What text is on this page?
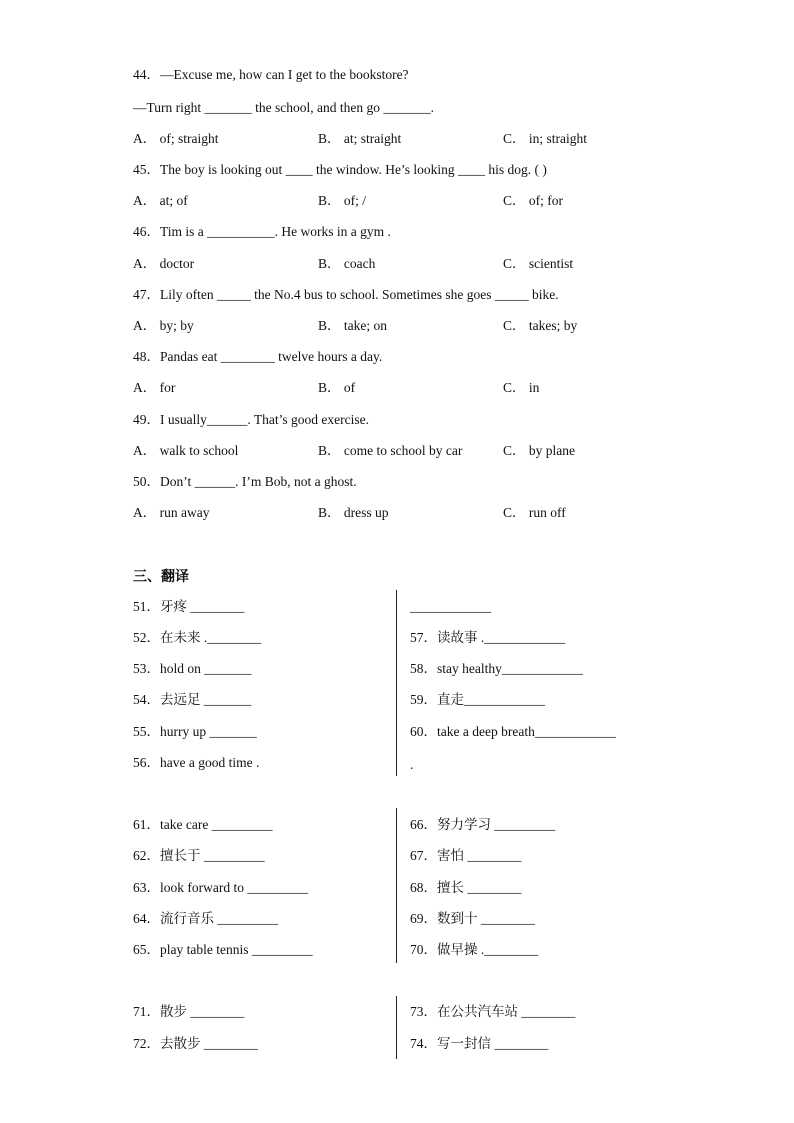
44．—Excuse me, how can I get to the bookstore?
—Turn right _______ the school, and then go _______.
A． of; straight	B． at; straight	C． in; straight
45．The boy is looking out ____ the window. He’s looking ____ his dog. ( )
A． at; of	B． of; /	C． of; for
46．Tim is a __________. He works in a gym .
A． doctor	B． coach	C． scientist
47．Lily often _____ the No.4 bus to school. Sometimes she goes _____ bike.
A． by; by	B． take; on	C． takes; by
48．Pandas eat ________ twelve hours a day.
A． for	B． of	C． in
49．I usually______. That’s good exercise.
A． walk to school	B． come to school by car	C． by plane
50．Don’t ______. I’m Bob, not a ghost.
A． run away	B． dress up	C． run off
三、翻译
51．牙疼 ________
52．在未来 .________
53．hold on _______
54．去远足 _______
55．hurry up _______
56．have a good time .
____________
57．读故事 .____________
58．stay healthy____________
59．直走____________
60．take a deep breath____________
.
61．take care _________
62．擅长于 _________
63．look forward to _________
64．流行音乐 _________
65．play table tennis _________
66．努力学习 _________
67．害怕 ________
68．擅长 ________
69．数到十 ________
70．做早操 .________
71．散步 ________
72．去散步 ________
73．在公共汽车站 ________
74．写一封信 ________
